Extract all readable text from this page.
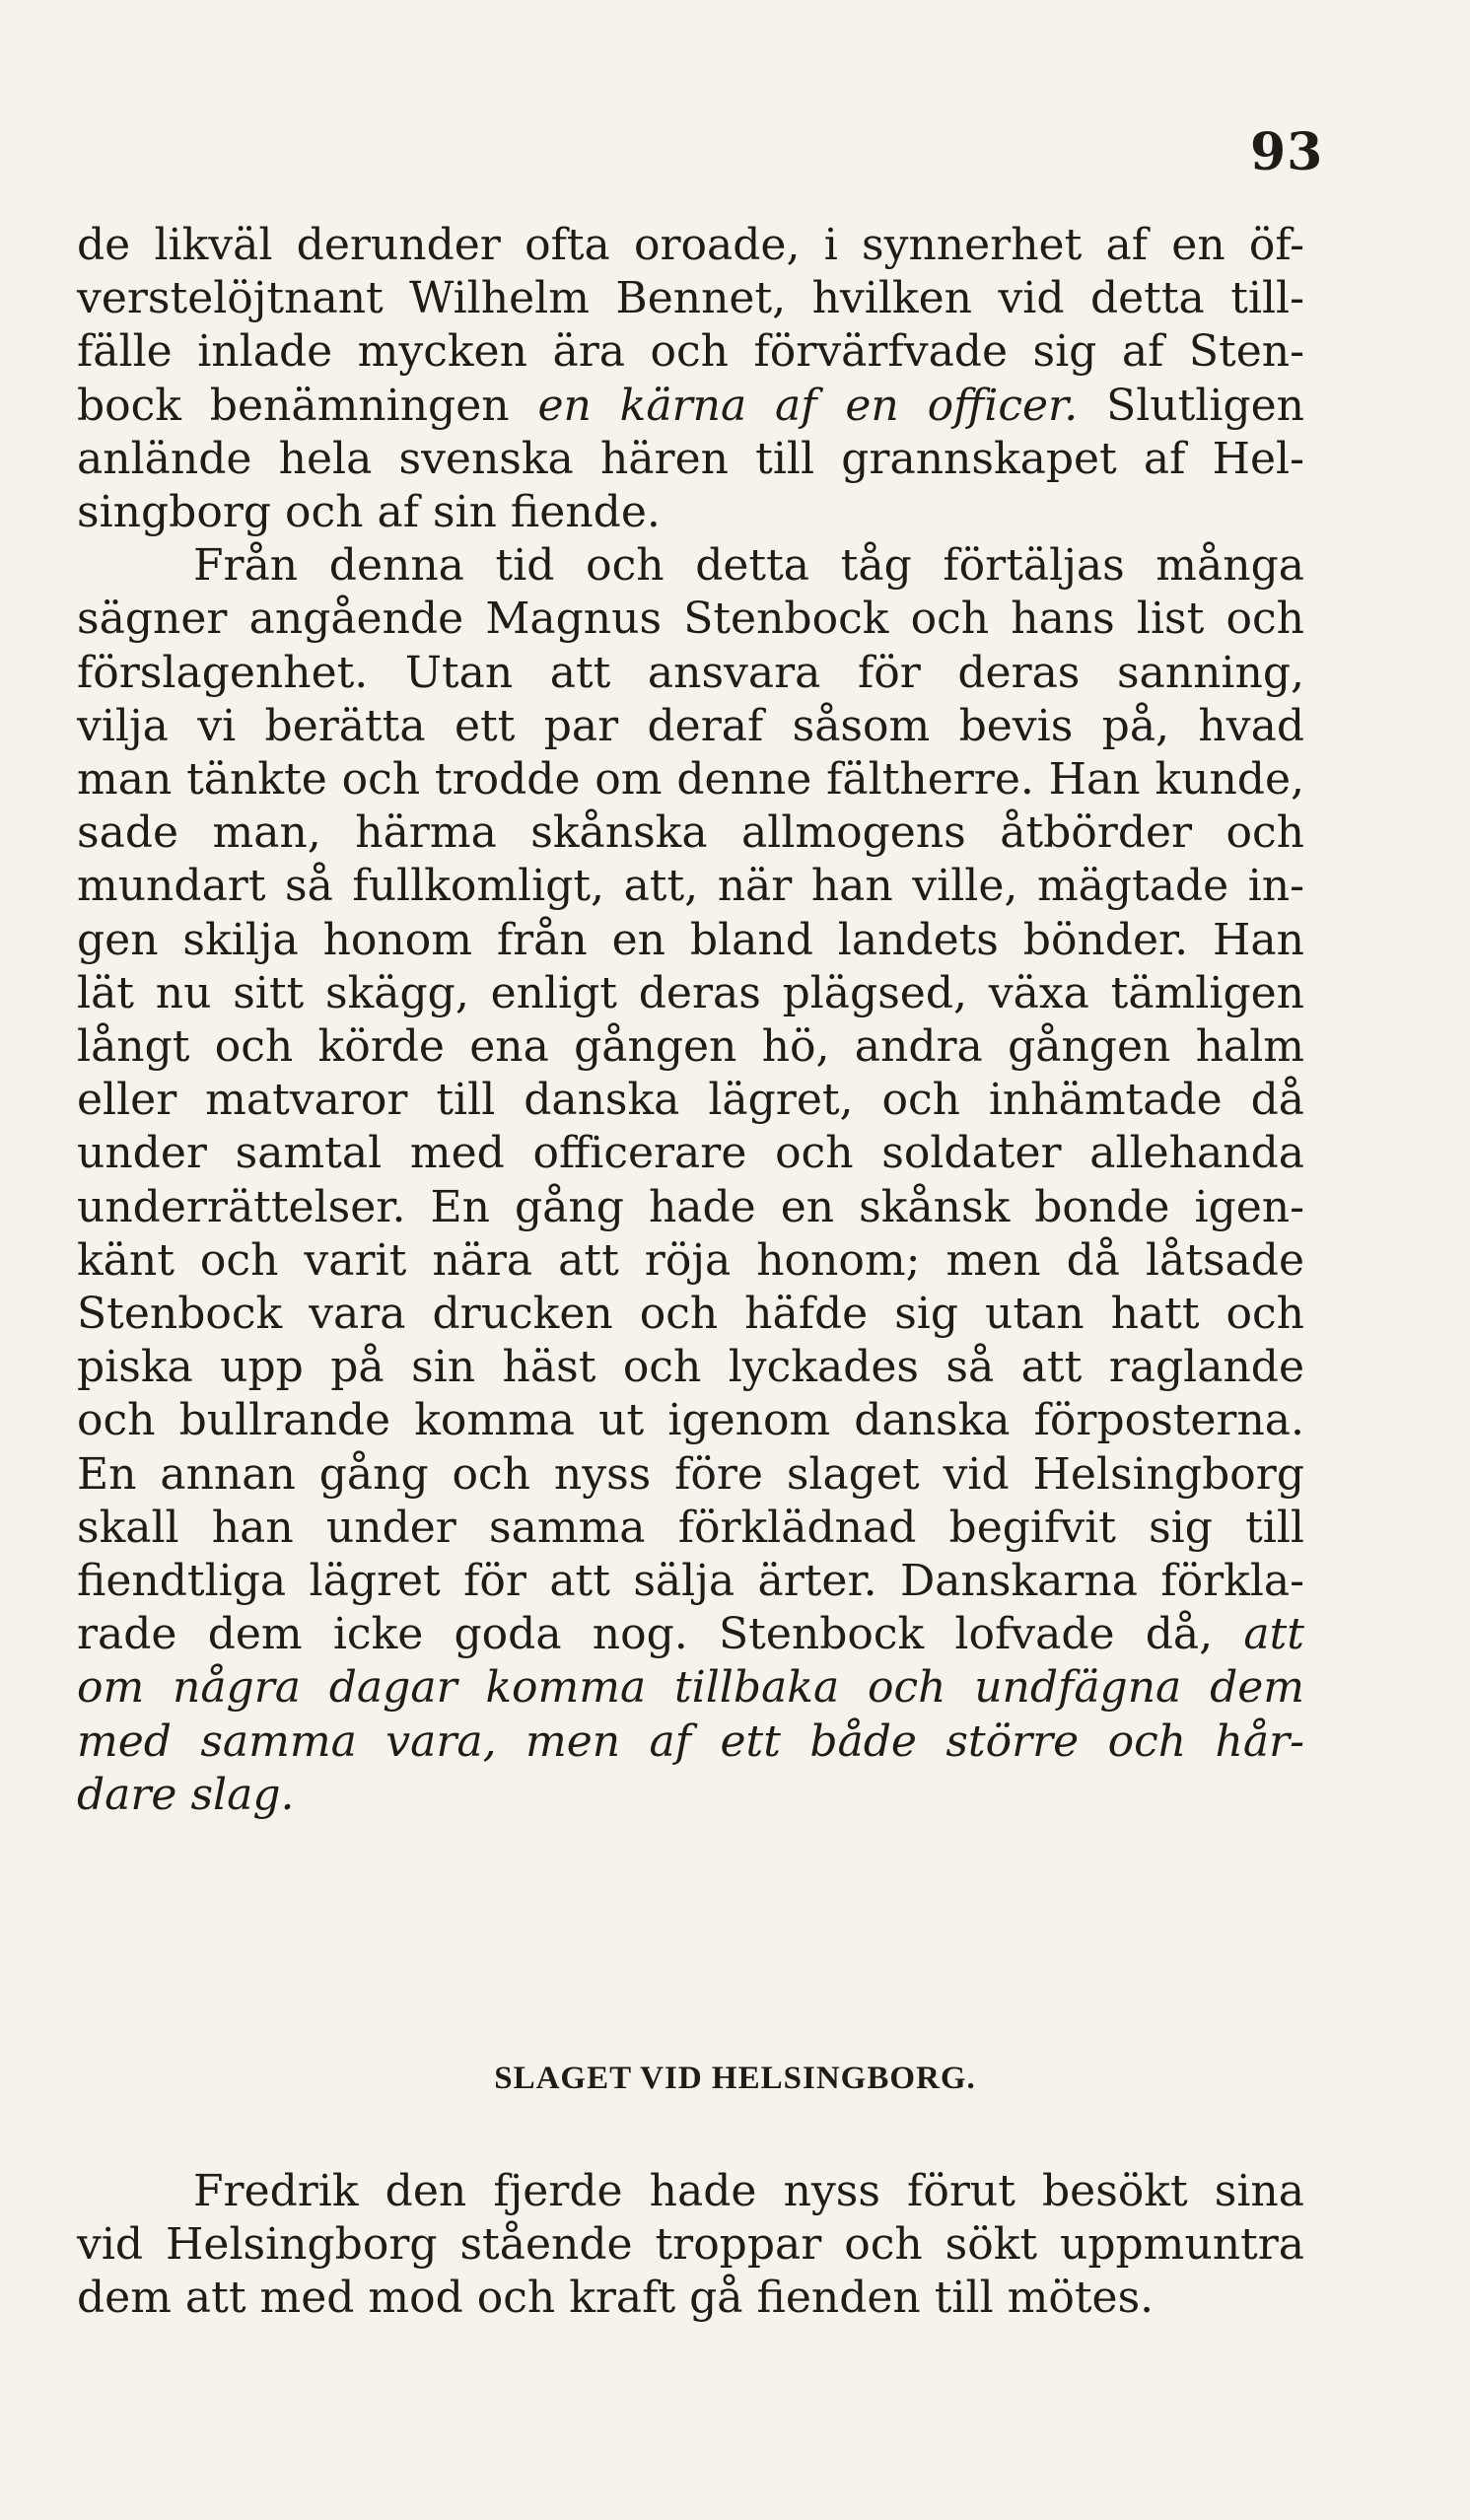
93
de likväl derunder ofta oroade, i synnerhet af en öf-
verstelöjtnant Wilhelm Bennet, hvilken vid detta till-
fälle inlade mycken ära och förvärfvade sig af Sten-
bock benämningen en kärna af en officer. Slutligen
anlände hela svenska hären till grannskapet af Hel-
singborg och af sin fiende.
Från denna tid och detta tåg förtäljas många
sägner angående Magnus Stenbock och hans list och
förslagenhet. Utan att ansvara för deras sanning,
vilja vi berätta ett par deraf såsom bevis på, hvad
man tänkte och trodde om denne fältherre. Han kunde,
sade man, härma skånska allmogens åtbörder och
mundart så fullkomligt, att, när han ville, mägtade in-
gen skilja honom från en bland landets bönder. Han
lät nu sitt skägg, enligt deras plägsed, växa tämligen
långt och körde ena gången hö, andra gången halm
eller matvaror till danska lägret, och inhämtade då
under samtal med officerare och soldater allehanda
underrättelser. En gång hade en skånsk bonde igen-
känt och varit nära att röja honom; men då låtsade
Stenbock vara drucken och häfde sig utan hatt och
piska upp på sin häst och lyckades så att raglande
och bullrande komma ut igenom danska förposterna.
En annan gång och nyss före slaget vid Helsingborg
skall han under samma förklädnad begifvit sig till
fiendtliga lägret för att sälja ärter. Danskarna förkla-
rade dem icke goda nog. Stenbock lofvade då, att
om några dagar komma tillbaka och undfägna dem
med samma vara, men af ett både större och hår-
dare slag.
SLAGET VID HELSINGBORG.
Fredrik den fjerde hade nyss förut besökt sina
vid Helsingborg stående troppar och sökt uppmuntra
dem att med mod och kraft gå fienden till mötes.
